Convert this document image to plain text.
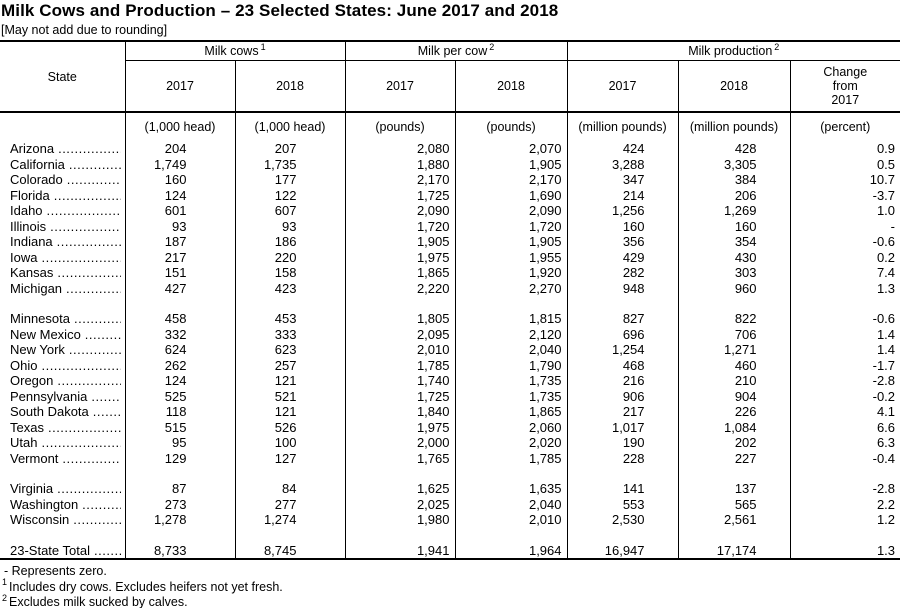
Milk Cows and Production – 23 Selected States: June 2017 and 2018
[May not add due to rounding]
State	Milk cows $^1$		Milk per cow $^2$		Milk production $^2$
	2017	2018	2017	2018	2017	2018	Change from 2017

	(1,000 head)	(1,000 head)	(pounds)	(pounds)	(million pounds)	(million pounds)	(percent)

Arizona .....	204	207	2,080	2,070	424	428	0.9

California .....	1,749	1,735	1,880	1,905	3,288	3,305	0.5

Colorado .....	160	177	2,170	2,170	347	384	10.7

Florida .....	124	122	1,725	1,690	214	206	-3.7

Idaho .....	601	607	2,090	2,090	1,256	1,269	1.0

Illinois .....	93	93	1,720	1,720	160	160	-

Indiana .....	187	186	1,905	1,905	356	354	-0.6

Iowa .....	217	220	1,975	1,955	429	430	0.2

Kansas .....	151	158	1,865	1,920	282	303	7.4

Michigan .....	427	423	2,220	2,270	948	960	1.3

Minnesota .....	458	453	1,805	1,815	827	822	-0.6

New Mexico .....	332	333	2,095	2,120	696	706	1.4

New York .....	624	623	2,010	2,040	1,254	1,271	1.4

Ohio .....	262	257	1,785	1,790	468	460	-1.7

Oregon .....	124	121	1,740	1,735	216	210	-2.8

Pennsylvania .....	525	521	1,725	1,735	906	904	-0.2

South Dakota .....	118	121	1,840	1,865	217	226	4.1

Texas .....	515	526	1,975	2,060	1,017	1,084	6.6

Utah .....	95	100	2,000	2,020	190	202	6.3

Vermont .....	129	127	1,765	1,785	228	227	-0.4

Virginia .....	87	84	1,625	1,635	141	137	-2.8

Washington .....	273	277	2,025	2,040	553	565	2.2

Wisconsin .....	1,278	1,274	1,980	2,010	2,530	2,561	1.2

23-State Total .....	8,733	8,745	1,941	1,964	16,947	17,174	1.3
- Represents zero.
$^1$ Includes dry cows. Excludes heifers not yet fresh.
$^2$ Excludes milk sucked by calves.
